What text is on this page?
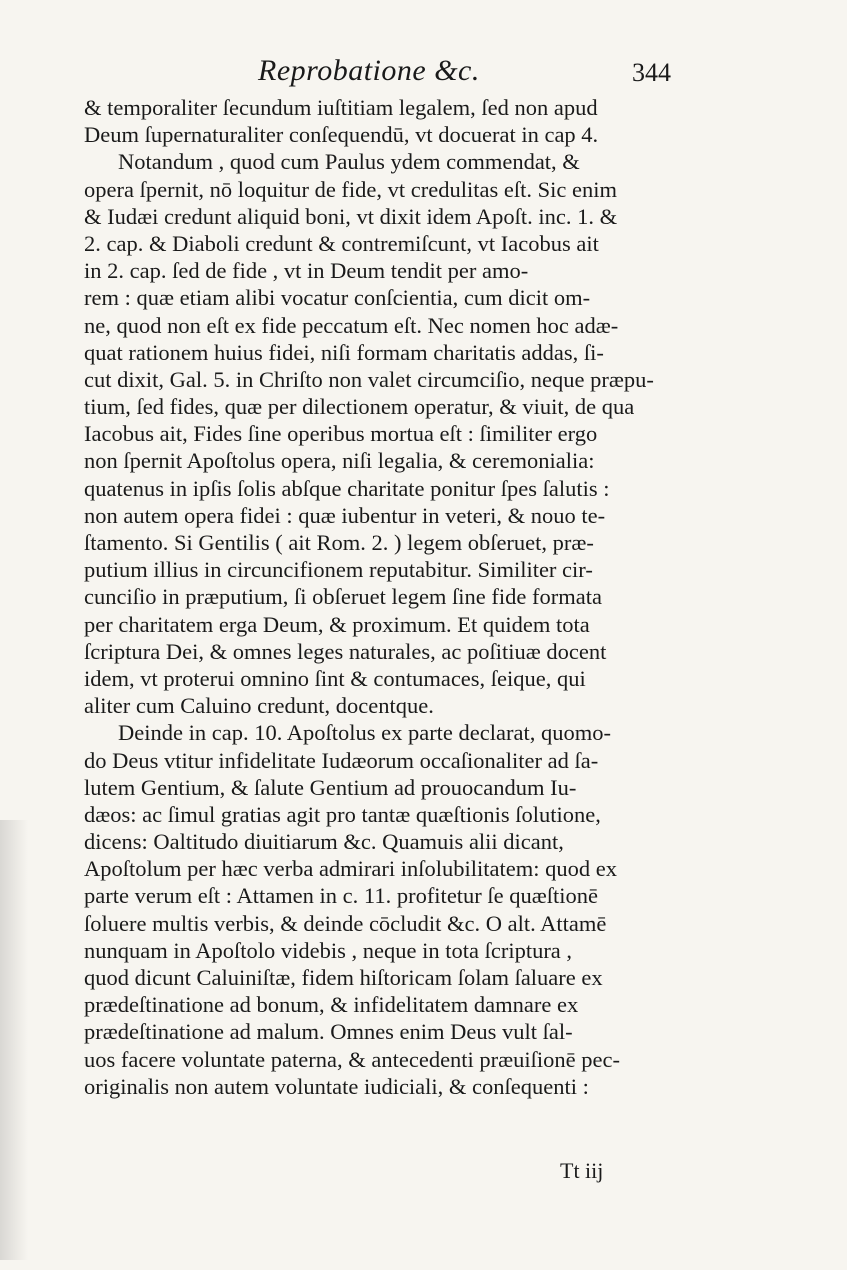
Reprobatione &c.	344
& temporaliter ſecundum iuſtitiam legalem, ſed non apud
Deum ſupernaturaliter conſequendū, vt docuerat in cap 4.
Notandum , quod cum Paulus ydem commendat, &
opera ſpernit, nō loquitur de fide, vt credulitas eſt. Sic enim
& Iudæi credunt aliquid boni, vt dixit idem Apoſt. inc. 1. &
2. cap. & Diaboli credunt & contremiſcunt, vt Iacobus ait
in 2. cap. ſed de fide , vt in Deum tendit per amo-
rem : quæ etiam alibi vocatur conſcientia, cum dicit om-
ne, quod non eſt ex fide peccatum eſt. Nec nomen hoc adæ-
quat rationem huius fidei, niſi formam charitatis addas, ſi-
cut dixit, Gal. 5. in Chriſto non valet circumciſio, neque præpu-
tium, ſed fides, quæ per dilectionem operatur, & viuit, de qua
Iacobus ait, Fides ſine operibus mortua eſt : ſimiliter ergo
non ſpernit Apoſtolus opera, niſi legalia, & ceremonialia:
quatenus in ipſis ſolis abſque charitate ponitur ſpes ſalutis :
non autem opera fidei : quæ iubentur in veteri, & nouo te-
ſtamento. Si Gentilis ( ait Rom. 2. ) legem obſeruet, præ-
putium illius in circuncifionem reputabitur. Similiter cir-
cunciſio in præputium, ſi obſeruet legem ſine fide formata
per charitatem erga Deum, & proximum. Et quidem tota
ſcriptura Dei, & omnes leges naturales, ac poſitiuæ docent
idem, vt proterui omnino ſint & contumaces, ſeique, qui
aliter cum Caluino credunt, docentque.
Deinde in cap. 10. Apoſtolus ex parte declarat, quomo-
do Deus vtitur infidelitate Iudæorum occaſionaliter ad ſa-
lutem Gentium, & ſalute Gentium ad prouocandum Iu-
dæos: ac ſimul gratias agit pro tantæ quæſtionis ſolutione,
dicens: Oaltitudo diuitiarum &c. Quamuis alii dicant,
Apoſtolum per hæc verba admirari inſolubilitatem: quod ex
parte verum eſt : Attamen in c. 11. profitetur ſe quæſtionē
ſoluere multis verbis, & deinde cōcludit &c. O alt. Attamē
nunquam in Apoſtolo videbis , neque in tota ſcriptura ,
quod dicunt Caluiniſtæ, fidem hiſtoricam ſolam ſaluare ex
prædeſtinatione ad bonum, & infidelitatem damnare ex
prædeſtinatione ad malum. Omnes enim Deus vult ſal-
uos facere voluntate paterna, & antecedenti præuiſionē pec-
originalis non autem voluntate iudiciali, & conſequenti :
Tt iij
